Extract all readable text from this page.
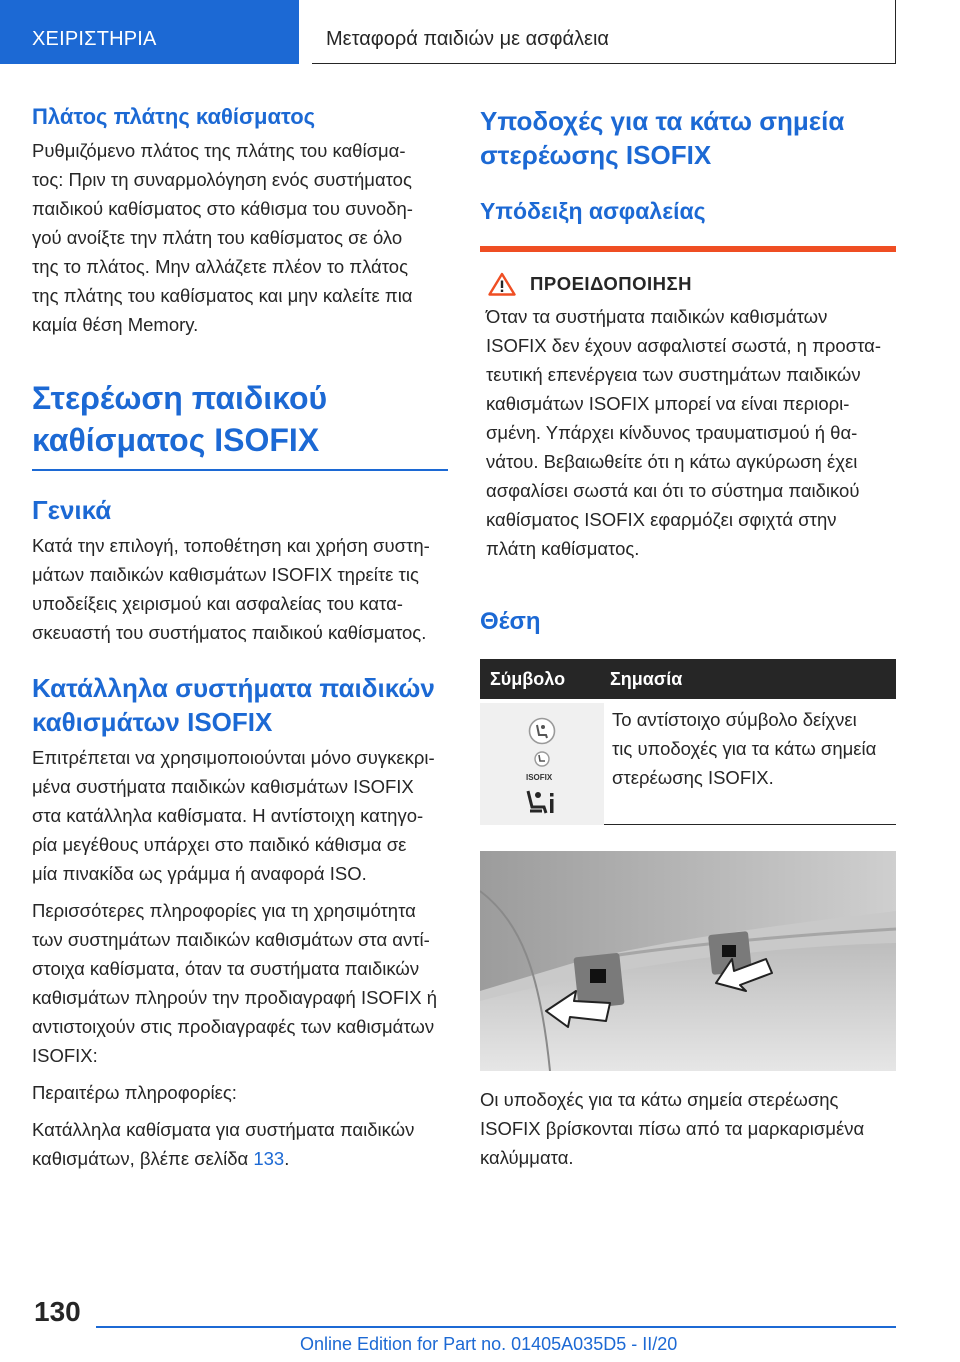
ΧΕΙΡΙΣΤΗΡΙΑ	Μεταφορά παιδιών με ασφάλεια
Πλάτος πλάτης καθίσματος

Ρυθμιζόμενο πλάτος της πλάτης του καθίσμα‐
τος: Πριν τη συναρμολόγηση ενός συστήματος
παιδικού καθίσματος στο κάθισμα του συνοδη‐
γού ανοίξτε την πλάτη του καθίσματος σε όλο
της το πλάτος. Μην αλλάζετε πλέον το πλάτος
της πλάτης του καθίσματος και μην καλείτε πια
καμία θέση Memory.

Στερέωση παιδικού
καθίσματος ISOFIX
Γενικά

Κατά την επιλογή, τοποθέτηση και χρήση συστη‐
μάτων παιδικών καθισμάτων ISOFIX τηρείτε τις
υποδείξεις χειρισμού και ασφαλείας του κατα‐
σκευαστή του συστήματος παιδικού καθίσματος.

Κατάλληλα συστήματα παιδικών
καθισμάτων ISOFIX

Επιτρέπεται να χρησιμοποιούνται μόνο συγκεκρι‐
μένα συστήματα παιδικών καθισμάτων ISOFIX
στα κατάλληλα καθίσματα. Η αντίστοιχη κατηγο‐
ρία μεγέθους υπάρχει στο παιδικό κάθισμα σε
μία πινακίδα ως γράμμα ή αναφορά ISO.

Περισσότερες πληροφορίες για τη χρησιμότητα
των συστημάτων παιδικών καθισμάτων στα αντί‐
στοιχα καθίσματα, όταν τα συστήματα παιδικών
καθισμάτων πληρούν την προδιαγραφή ISOFIX ή
αντιστοιχούν στις προδιαγραφές των καθισμάτων
ISOFIX:

Περαιτέρω πληροφορίες:

Κατάλληλα καθίσματα για συστήματα παιδικών
καθισμάτων, βλέπε σελίδα 133.

Υποδοχές για τα κάτω σημεία
στερέωσης ISOFIX
Υπόδειξη ασφαλείας
ΠΡΟΕΙΔΟΠΟΙΗΣΗ

Όταν τα συστήματα παιδικών καθισμάτων
ISOFIX δεν έχουν ασφαλιστεί σωστά, η προστα‐
τευτική επενέργεια των συστημάτων παιδικών
καθισμάτων ISOFIX μπορεί να είναι περιορι‐
σμένη. Υπάρχει κίνδυνος τραυματισμού ή θα‐
νάτου. Βεβαιωθείτε ότι η κάτω αγκύρωση έχει
ασφαλίσει σωστά και ότι το σύστημα παιδικού
καθίσματος ISOFIX εφαρμόζει σφιχτά στην
πλάτη καθίσματος.

Θέση
Σύμβολο	Σημασία
ISOFIX

Το αντίστοιχο σύμβολο δείχνει
τις υποδοχές για τα κάτω σημεία
στερέωσης ISOFIX.

Οι υποδοχές για τα κάτω σημεία στερέωσης
ISOFIX βρίσκονται πίσω από τα μαρκαρισμένα
καλύμματα.

130
Online Edition for Part no. 01405A035D5 - II/20
